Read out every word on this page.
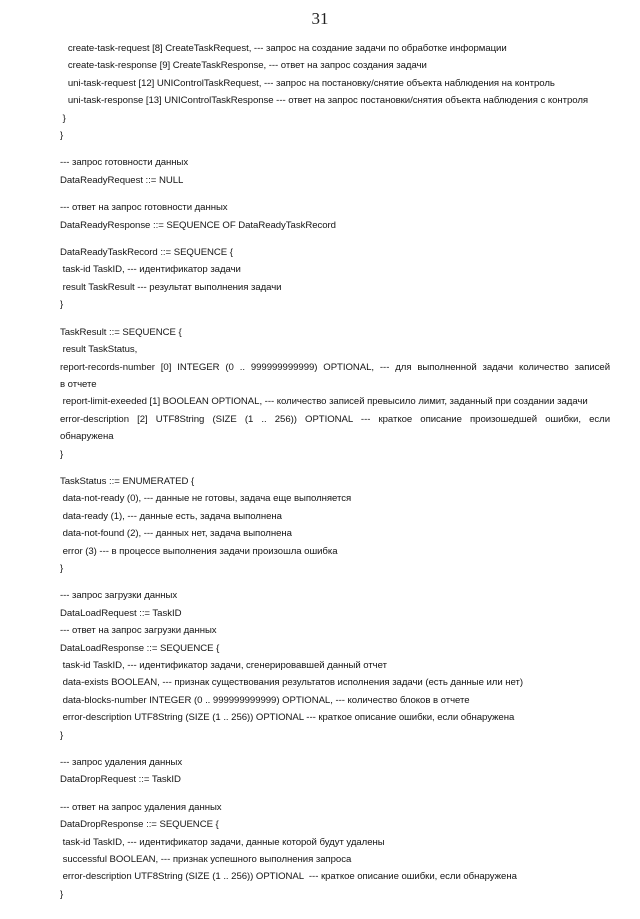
31
create-task-request [8] CreateTaskRequest, --- запрос на создание задачи по обработке информации
create-task-response [9] CreateTaskResponse, --- ответ на запрос создания задачи
uni-task-request [12] UNIControlTaskRequest, --- запрос на постановку/снятие объекта наблюдения на контроль
uni-task-response [13] UNIControlTaskResponse --- ответ на запрос постановки/снятия объекта наблюдения с контроля
}
}
--- запрос готовности данных
DataReadyRequest ::= NULL
--- ответ на запрос готовности данных
DataReadyResponse ::= SEQUENCE OF DataReadyTaskRecord
DataReadyTaskRecord ::= SEQUENCE {
task-id TaskID, --- идентификатор задачи
result TaskResult --- результат выполнения задачи
}
TaskResult ::= SEQUENCE {
result TaskStatus,
report-records-number [0] INTEGER (0 .. 999999999999) OPTIONAL, --- для выполненной задачи количество записей
в отчете
report-limit-exeeded [1] BOOLEAN OPTIONAL, --- количество записей превысило лимит, заданный при создании задачи
error-description [2] UTF8String (SIZE (1 .. 256)) OPTIONAL --- краткое описание произошедшей ошибки, если
обнаружена
}
TaskStatus ::= ENUMERATED {
data-not-ready (0), --- данные не готовы, задача еще выполняется
data-ready (1), --- данные есть, задача выполнена
data-not-found (2), --- данных нет, задача выполнена
error (3) --- в процессе выполнения задачи произошла ошибка
}
--- запрос загрузки данных
DataLoadRequest ::= TaskID
--- ответ на запрос загрузки данных
DataLoadResponse ::= SEQUENCE {
task-id TaskID, --- идентификатор задачи, сгенерировавшей данный отчет
data-exists BOOLEAN, --- признак существования результатов исполнения задачи (есть данные или нет)
data-blocks-number INTEGER (0 .. 999999999999) OPTIONAL, --- количество блоков в отчете
error-description UTF8String (SIZE (1 .. 256)) OPTIONAL --- краткое описание ошибки, если обнаружена
}
--- запрос удаления данных
DataDropRequest ::= TaskID
--- ответ на запрос удаления данных
DataDropResponse ::= SEQUENCE {
task-id TaskID, --- идентификатор задачи, данные которой будут удалены
successful BOOLEAN, --- признак успешного выполнения запроса
error-description UTF8String (SIZE (1 .. 256)) OPTIONAL  --- краткое описание ошибки, если обнаружена
}
